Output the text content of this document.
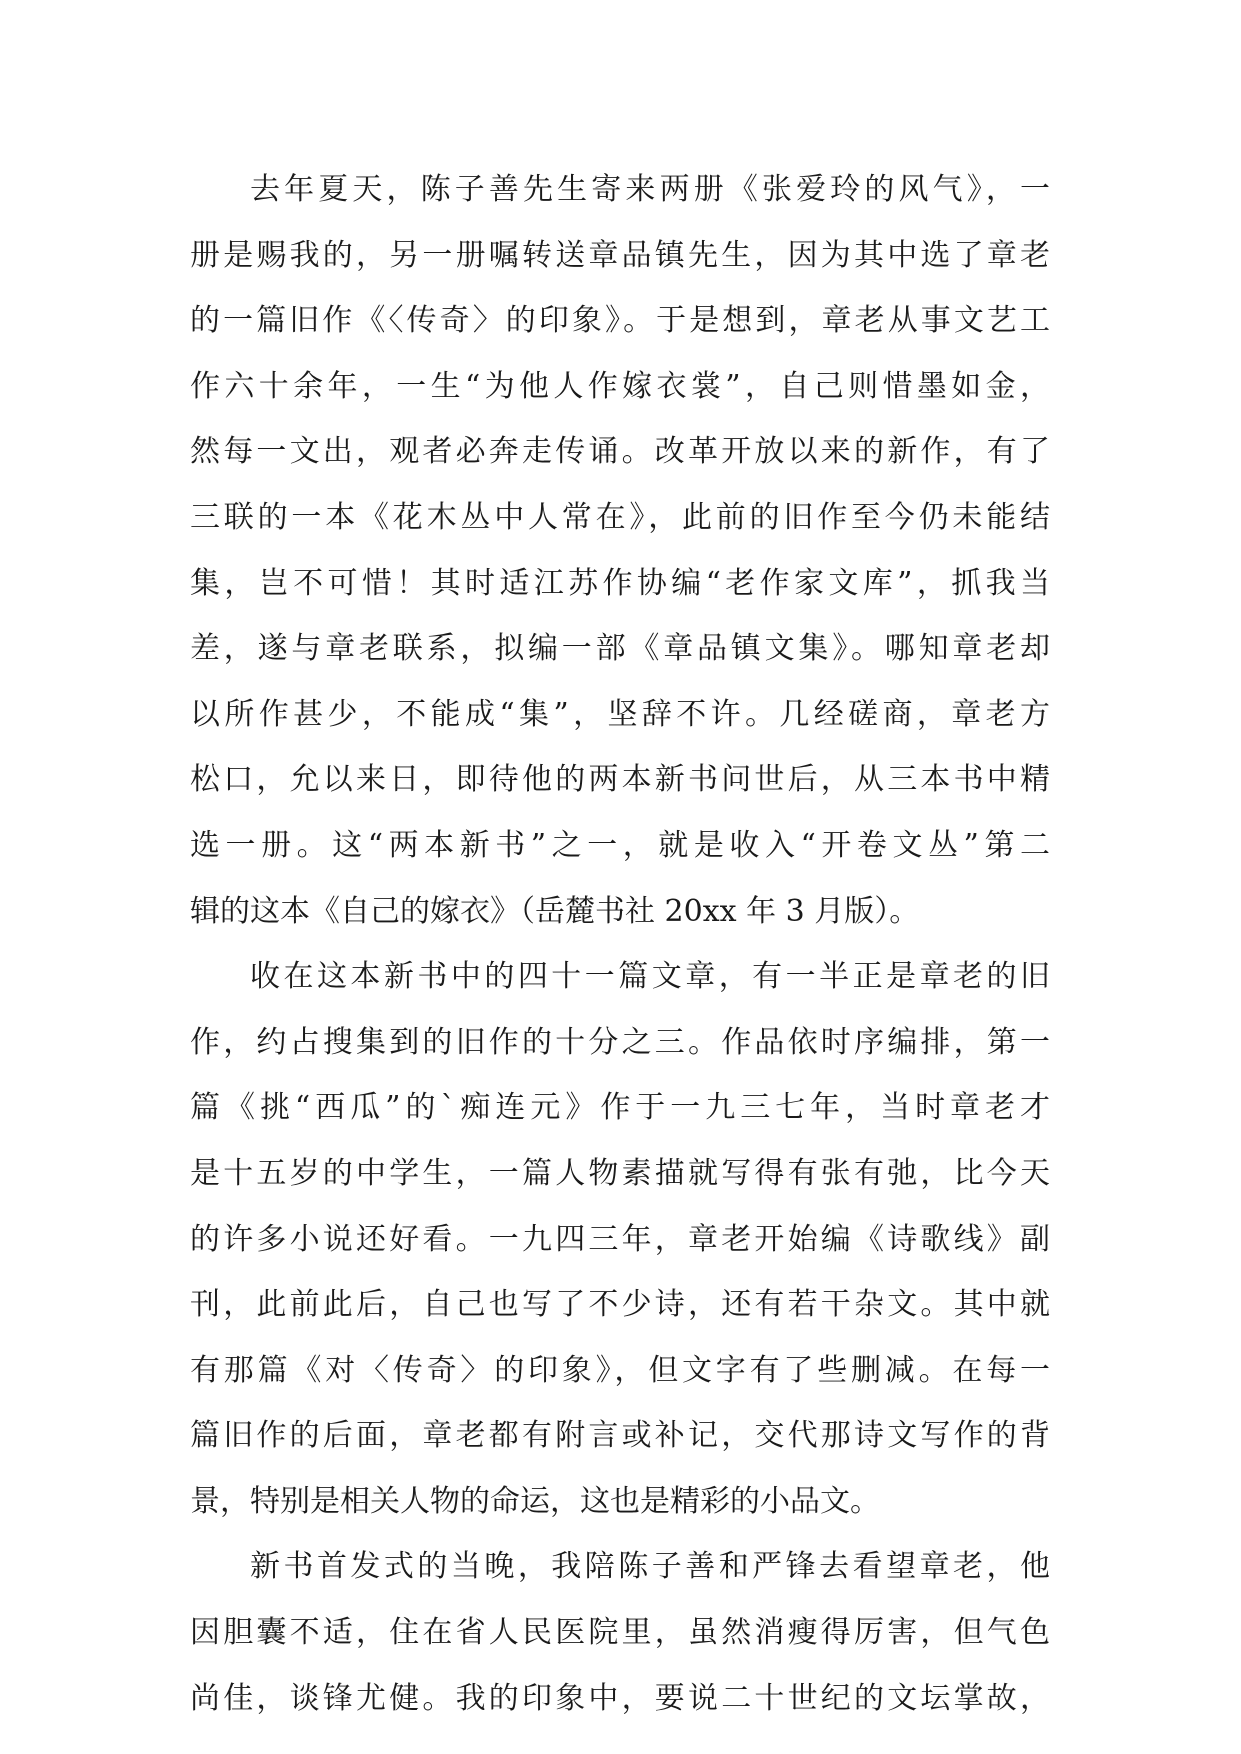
去年夏天，陈子善先生寄来两册《张爱玲的风气》，一
册是赐我的，另一册嘱转送章品镇先生，因为其中选了章老
的一篇旧作《〈传奇〉的印象》。于是想到，章老从事文艺工
作六十余年，一生“为他人作嫁衣裳”，自己则惜墨如金，
然每一文出，观者必奔走传诵。改革开放以来的新作，有了
三联的一本《花木丛中人常在》，此前的旧作至今仍未能结
集，岂不可惜！其时适江苏作协编“老作家文库”，抓我当
差，遂与章老联系，拟编一部《章品镇文集》。哪知章老却
以所作甚少，不能成“集”，坚辞不许。几经磋商，章老方
松口，允以来日，即待他的两本新书问世后，从三本书中精
选一册。这“两本新书”之一，就是收入“开卷文丛”第二
辑的这本《自己的嫁衣》（岳麓书社 20xx 年 3 月版）。
收在这本新书中的四十一篇文章，有一半正是章老的旧
作，约占搜集到的旧作的十分之三。作品依时序编排，第一
篇《挑“西瓜”的`痴连元》作于一九三七年，当时章老才
是十五岁的中学生，一篇人物素描就写得有张有弛，比今天
的许多小说还好看。一九四三年，章老开始编《诗歌线》副
刊，此前此后，自己也写了不少诗，还有若干杂文。其中就
有那篇《对〈传奇〉的印象》，但文字有了些删减。在每一
篇旧作的后面，章老都有附言或补记，交代那诗文写作的背
景，特别是相关人物的命运，这也是精彩的小品文。
新书首发式的当晚，我陪陈子善和严锋去看望章老，他
因胆囊不适，住在省人民医院里，虽然消瘦得厉害，但气色
尚佳，谈锋尤健。我的印象中，要说二十世纪的文坛掌故，
